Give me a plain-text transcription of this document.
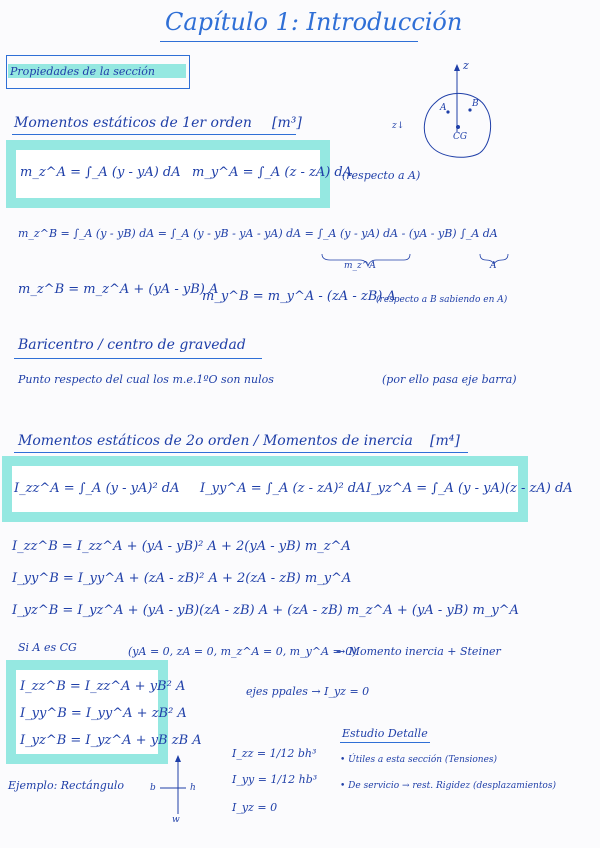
Capítulo 1: Introducción
Propiedades de la sección	z
A	B
CG
z↓
Momentos estáticos de 1er orden [m³]
m_z^A = ∫_A (y - yA) dA m_y^A = ∫_A (z - zA) dA
(respecto a A)
m_z^B = ∫_A (y - yB) dA = ∫_A (y - yB - yA - yA) dA = ∫_A (y - yA) dA - (yA - yB) ∫_A dA
m_z^A	A
m_z^B = m_z^A + (yA - yB) A
m_y^B = m_y^A - (zA - zB) A
(respecto a B sabiendo en A)
Baricentro / centro de gravedad
Punto respecto del cual los m.e.1ºO son nulos	(por ello pasa eje barra)
Momentos estáticos de 2o orden / Momentos de inercia [m⁴]
I_zz^A = ∫_A (y - yA)² dA I_yy^A = ∫_A (z - zA)² dA I_yz^A = ∫_A (y - yA)(z - zA) dA
I_zz^B = I_zz^A + (yA - yB)² A + 2(yA - yB) m_z^A
I_yy^B = I_yy^A + (zA - zB)² A + 2(zA - zB) m_y^A
I_yz^B = I_yz^A + (yA - yB)(zA - zB) A + (zA - zB) m_z^A + (yA - yB) m_y^A
Si A es CG	(yA = 0, zA = 0, m_z^A = 0, m_y^A = 0)
→ Momento inercia + Steiner
I_zz^B = I_zz^A + yB² A
I_yy^B = I_yy^A + zB² A
I_yz^B = I_yz^A + yB zB A
ejes ppales → I_yz = 0
Estudio Detalle
• Útiles a esta sección (Tensiones)
• De servicio → rest. Rigidez (desplazamientos)
Ejemplo: Rectángulo	b	h
w
I_zz = 1/12 bh³
I_yy = 1/12 hb³
I_yz = 0
